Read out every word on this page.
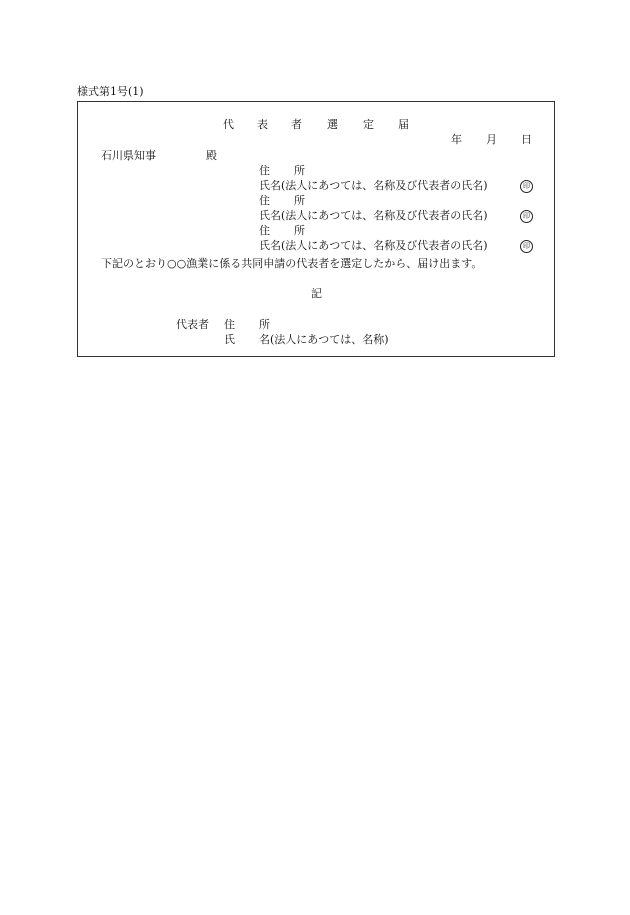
様式第1号(1)
代 表 者 選 定 届
年 月 日
石川県知事	殿
住 所
氏名(法人にあつては、名称及び代表者の氏名)	印
住 所
氏名(法人にあつては、名称及び代表者の氏名)	印
住 所
氏名(法人にあつては、名称及び代表者の氏名)	印
下記のとおり○○漁業に係る共同申請の代表者を選定したから、届け出ます。
記
代表者 住 所
氏 名(法人にあつては、名称)
